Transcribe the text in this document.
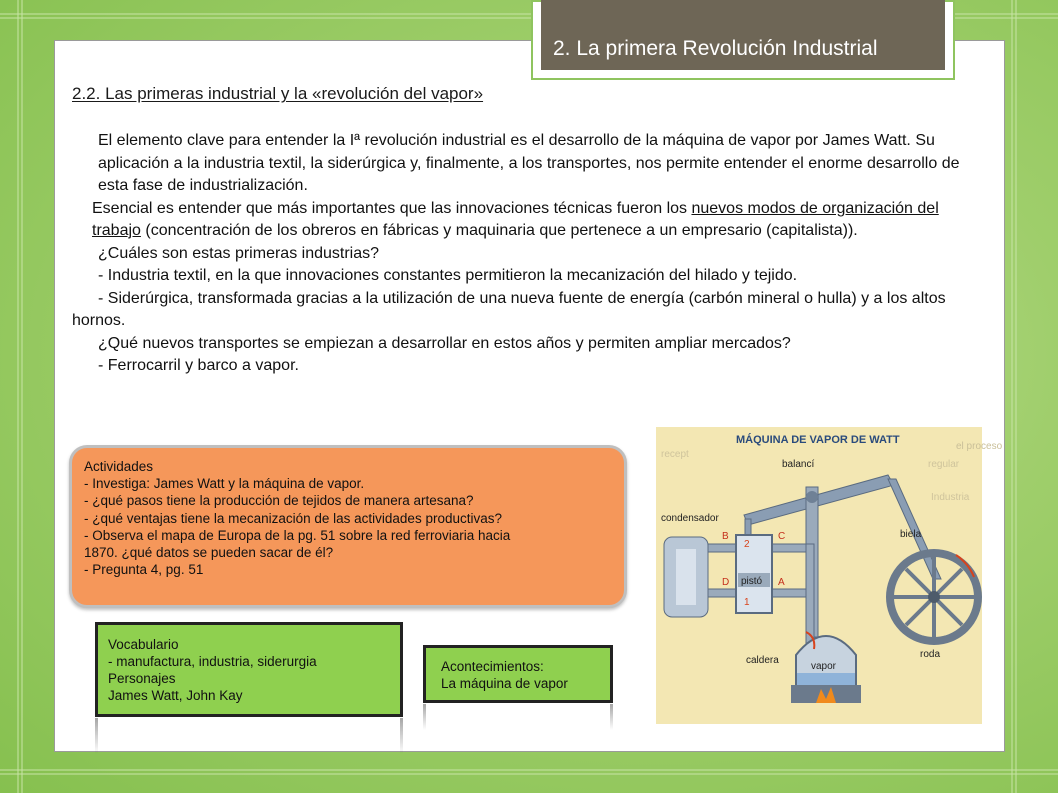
2. La primera Revolución Industrial
2.2. Las primeras industrial y la «revolución del vapor»

El elemento clave para entender la Iª revolución industrial es el desarrollo de la máquina de vapor por James Watt. Su aplicación a la industria textil, la siderúrgica y, finalmente, a los transportes, nos permite entender el enorme desarrollo de esta fase de industrialización.

Esencial es entender que más importantes que las innovaciones técnicas fueron los nuevos modos de organización del trabajo (concentración de los obreros en fábricas y maquinaria que pertenece a un empresario (capitalista)).

¿Cuáles son estas primeras industrias?

- Industria textil, en la que innovaciones constantes permitieron la mecanización del hilado y tejido.

- Siderúrgica, transformada gracias a la utilización de una nueva fuente de energía (carbón mineral o hulla) y a los altos hornos.

¿Qué nuevos transportes se empiezan a desarrollar en estos años y permiten ampliar mercados?

- Ferrocarril y barco a vapor.

Actividades
- Investiga: James Watt y la máquina de vapor.
- ¿qué pasos tiene la producción de tejidos de manera artesana?
- ¿qué ventajas tiene la mecanización de las actividades productivas?
- Observa el mapa de Europa de la pg. 51 sobre la red ferroviaria hacia
1870. ¿qué datos se pueden sacar de él?
- Pregunta 4, pg. 51
Vocabulario
- manufactura, industria, siderurgia
Personajes
James Watt, John Kay
Acontecimientos:
La máquina de vapor
el proceso
recept
regular
Industria
MÁQUINA DE VAPOR DE WATT
pistó
2
1
B	C
D	A
balancí
condensador
biela
roda
caldera
vapor
